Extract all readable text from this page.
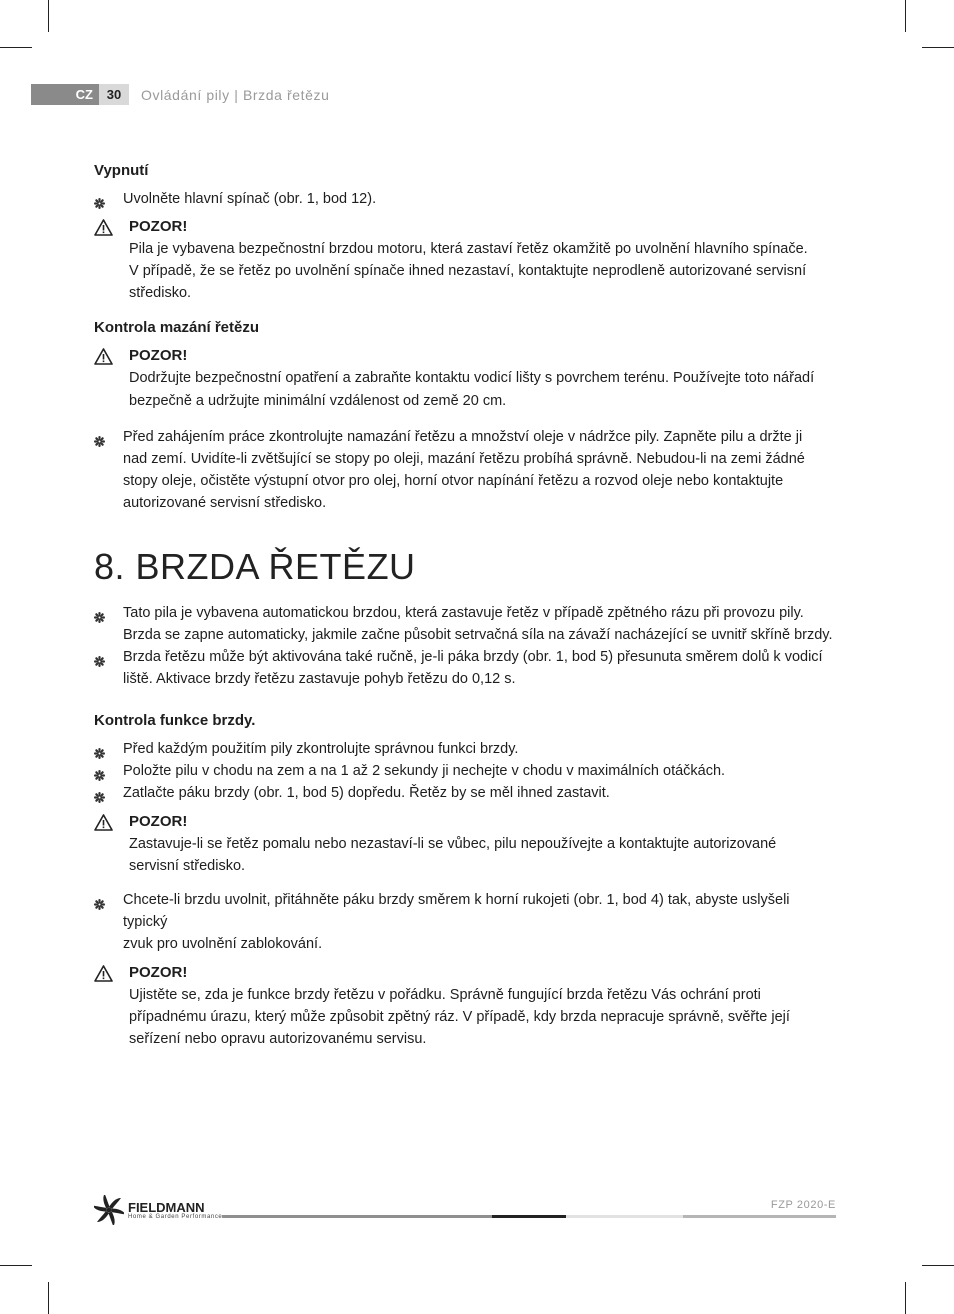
CZ	30	Ovládání pily | Brzda řetězu
Vypnutí
Uvolněte hlavní spínač (obr. 1, bod 12).
POZOR!
Pila je vybavena bezpečnostní brzdou motoru, která zastaví řetěz okamžitě po uvolnění hlavního spínače.
V případě, že se řetěz po uvolnění spínače ihned nezastaví, kontaktujte neprodleně autorizované servisní
středisko.
Kontrola mazání řetězu
POZOR!
Dodržujte bezpečnostní opatření a zabraňte kontaktu vodicí lišty s povrchem terénu. Používejte toto nářadí
bezpečně a udržujte minimální vzdálenost od země 20 cm.
Před zahájením práce zkontrolujte namazání řetězu a množství oleje v nádržce pily. Zapněte pilu a držte ji
nad zemí. Uvidíte-li zvětšující se stopy po oleji, mazání řetězu probíhá správně. Nebudou-li na zemi žádné
stopy oleje, očistěte výstupní otvor pro olej, horní otvor napínání řetězu a rozvod oleje nebo kontaktujte
autorizované servisní středisko.
8. BRZDA ŘETĚZU
Tato pila je vybavena automatickou brzdou, která zastavuje řetěz v případě zpětného rázu při provozu pily.
Brzda se zapne automaticky, jakmile začne působit setrvačná síla na závaží nacházející se uvnitř skříně brzdy.
Brzda řetězu může být aktivována také ručně, je-li páka brzdy (obr. 1, bod 5) přesunuta směrem dolů k vodicí
liště. Aktivace brzdy řetězu zastavuje pohyb řetězu do 0,12 s.
Kontrola funkce brzdy.
Před každým použitím pily zkontrolujte správnou funkci brzdy.
Položte pilu v chodu na zem a na 1 až 2 sekundy ji nechejte v chodu v maximálních otáčkách.
Zatlačte páku brzdy (obr. 1, bod 5) dopředu. Řetěz by se měl ihned zastavit.
POZOR!
Zastavuje-li se řetěz pomalu nebo nezastaví-li se vůbec, pilu nepoužívejte a kontaktujte autorizované
servisní středisko.
Chcete-li brzdu uvolnit, přitáhněte páku brzdy směrem k horní rukojeti (obr. 1, bod 4) tak, abyste uslyšeli typický
zvuk pro uvolnění zablokování.
POZOR!
Ujistěte se, zda je funkce brzdy řetězu v pořádku. Správně fungující brzda řetězu Vás ochrání proti
případnému úrazu, který může způsobit zpětný ráz. V případě, kdy brzda nepracuje správně, svěřte její
seřízení nebo opravu autorizovanému servisu.
FIELDMANN
Home & Garden Performance
FZP 2020-E
